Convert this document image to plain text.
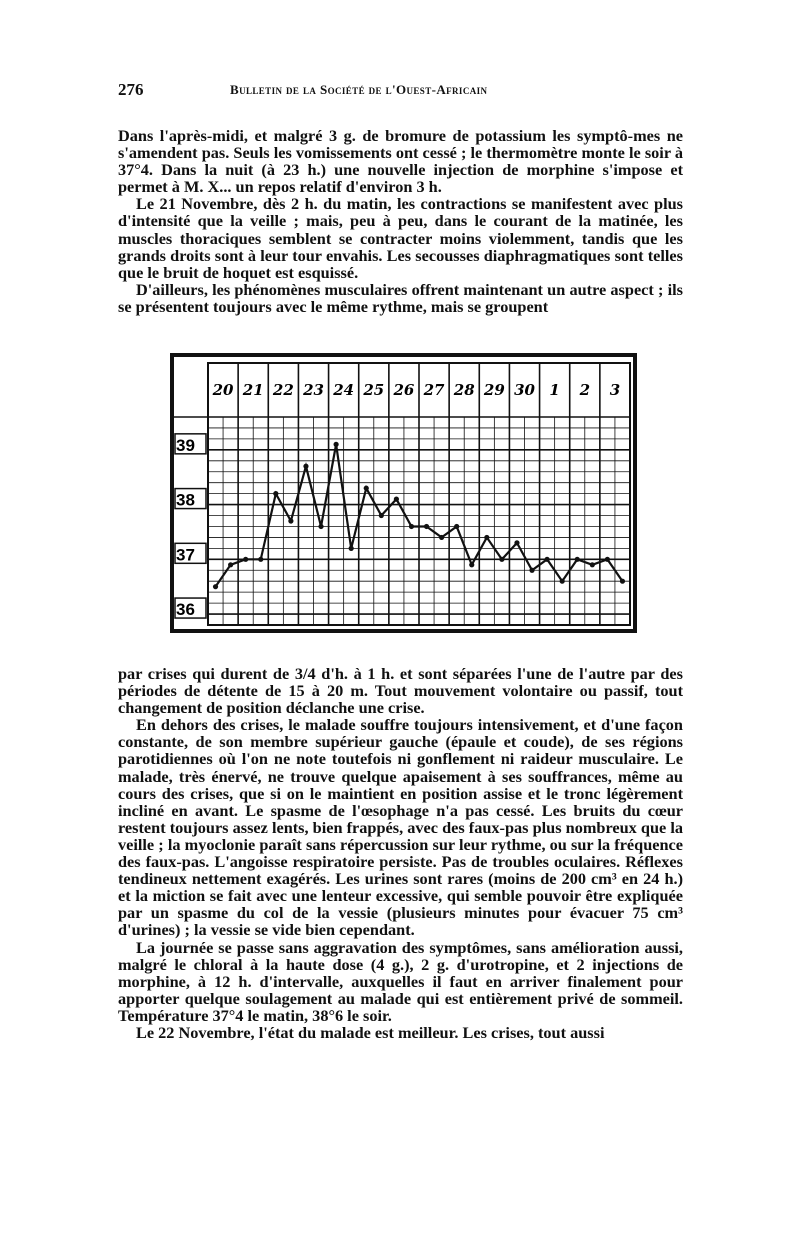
276	Bulletin de la Société de l'Ouest-Africain

Dans l'après-midi, et malgré 3 g. de bromure de potassium les symptô-mes ne s'amendent pas. Seuls les vomissements ont cessé ; le thermomètre monte le soir à 37°4. Dans la nuit (à 23 h.) une nouvelle injection de morphine s'impose et permet à M. X... un repos relatif d'environ 3 h.

Le 21 Novembre, dès 2 h. du matin, les contractions se manifestent avec plus d'intensité que la veille ; mais, peu à peu, dans le courant de la matinée, les muscles thoraciques semblent se contracter moins violemment, tandis que les grands droits sont à leur tour envahis. Les secousses diaphragmatiques sont telles que le bruit de hoquet est esquissé.

D'ailleurs, les phénomènes musculaires offrent maintenant un autre aspect ; ils se présentent toujours avec le même rythme, mais se groupent

39
38
37
36
20 21 22 23 24 25 26 27 28 29 30 1 2 3

par crises qui durent de 3/4 d'h. à 1 h. et sont séparées l'une de l'autre par des périodes de détente de 15 à 20 m. Tout mouvement volontaire ou passif, tout changement de position déclanche une crise.

En dehors des crises, le malade souffre toujours intensivement, et d'une façon constante, de son membre supérieur gauche (épaule et coude), de ses régions parotidiennes où l'on ne note toutefois ni gonflement ni raideur musculaire. Le malade, très énervé, ne trouve quelque apaisement à ses souffrances, même au cours des crises, que si on le maintient en position assise et le tronc légèrement incliné en avant. Le spasme de l'œsophage n'a pas cessé. Les bruits du cœur restent toujours assez lents, bien frappés, avec des faux-pas plus nombreux que la veille ; la myoclonie paraît sans répercussion sur leur rythme, ou sur la fréquence des faux-pas. L'angoisse respiratoire persiste. Pas de troubles oculaires. Réflexes tendineux nettement exagérés. Les urines sont rares (moins de 200 cm³ en 24 h.) et la miction se fait avec une lenteur excessive, qui semble pouvoir être expliquée par un spasme du col de la vessie (plusieurs minutes pour évacuer 75 cm³ d'urines) ; la vessie se vide bien cependant.

La journée se passe sans aggravation des symptômes, sans amélioration aussi, malgré le chloral à la haute dose (4 g.), 2 g. d'urotropine, et 2 injections de morphine, à 12 h. d'intervalle, auxquelles il faut en arriver finalement pour apporter quelque soulagement au malade qui est entièrement privé de sommeil. Température 37°4 le matin, 38°6 le soir.

Le 22 Novembre, l'état du malade est meilleur. Les crises, tout aussi
